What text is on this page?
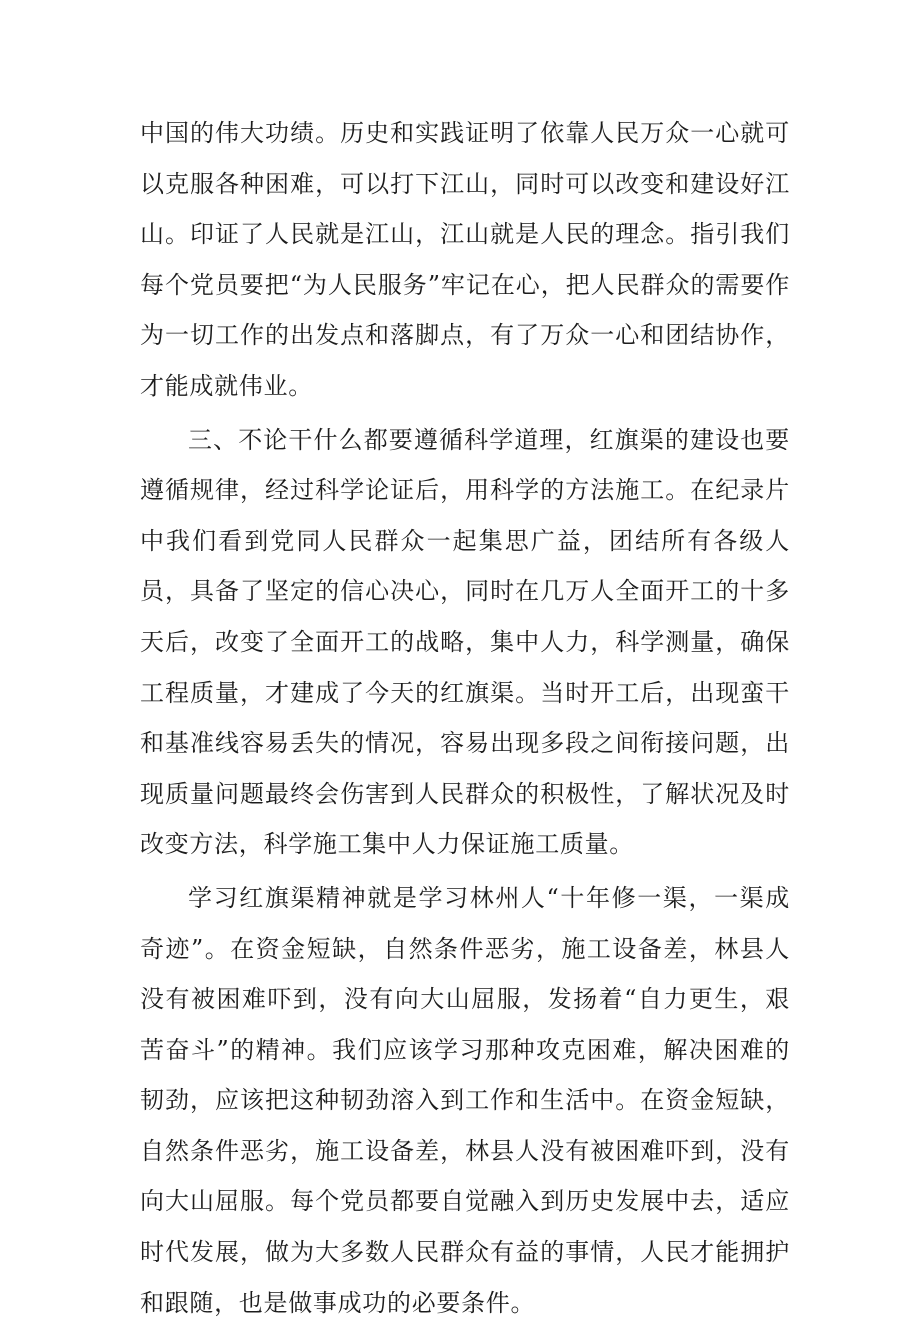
中国的伟大功绩。历史和实践证明了依靠人民万众一心就可以克服各种困难，可以打下江山，同时可以改变和建设好江山。印证了人民就是江山，江山就是人民的理念。指引我们每个党员要把“为人民服务”牢记在心，把人民群众的需要作为一切工作的出发点和落脚点，有了万众一心和团结协作，才能成就伟业。

三、不论干什么都要遵循科学道理，红旗渠的建设也要遵循规律，经过科学论证后，用科学的方法施工。在纪录片中我们看到党同人民群众一起集思广益，团结所有各级人员，具备了坚定的信心决心，同时在几万人全面开工的十多天后，改变了全面开工的战略，集中人力，科学测量，确保工程质量，才建成了今天的红旗渠。当时开工后，出现蛮干和基准线容易丢失的情况，容易出现多段之间衔接问题，出现质量问题最终会伤害到人民群众的积极性，了解状况及时改变方法，科学施工集中人力保证施工质量。

学习红旗渠精神就是学习林州人“十年修一渠，一渠成奇迹”。在资金短缺，自然条件恶劣，施工设备差，林县人没有被困难吓到，没有向大山屈服，发扬着“自力更生，艰苦奋斗”的精神。我们应该学习那种攻克困难，解决困难的韧劲，应该把这种韧劲溶入到工作和生活中。在资金短缺，自然条件恶劣，施工设备差，林县人没有被困难吓到，没有向大山屈服。每个党员都要自觉融入到历史发展中去，适应时代发展，做为大多数人民群众有益的事情，人民才能拥护和跟随，也是做事成功的必要条件。
